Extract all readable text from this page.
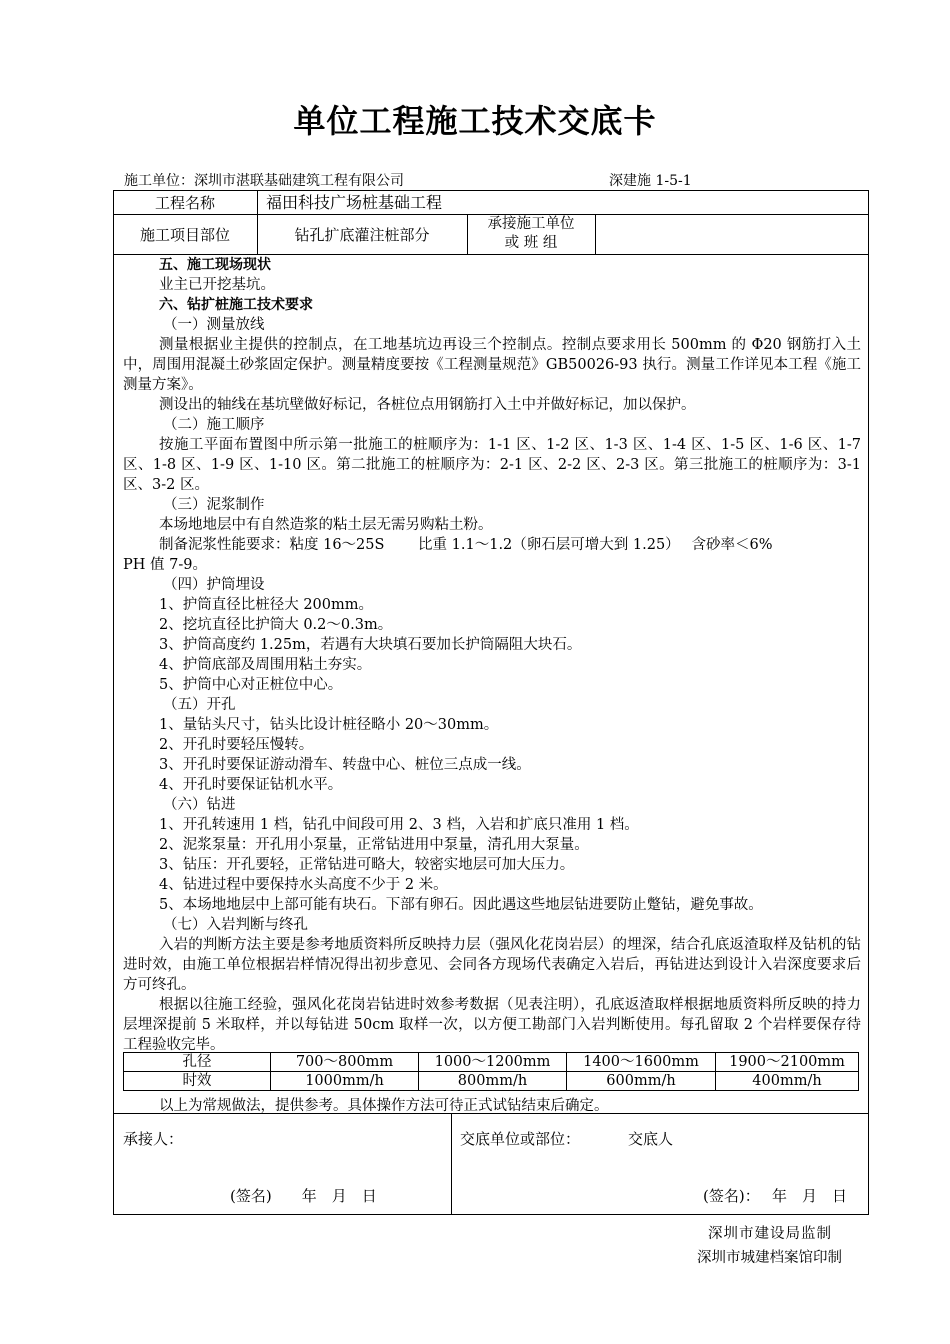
单位工程施工技术交底卡
施工单位：深圳市湛联基础建筑工程有限公司	深建施 1-5-1
工程名称	福田科技广场桩基础工程
施工项目部位	钻孔扩底灌注桩部分
承接施工单位
或 班 组

五、施工现场现状

业主已开挖基坑。

六、钻扩桩施工技术要求

（一）测量放线

测量根据业主提供的控制点，在工地基坑边再设三个控制点。控制点要求用长 500mm 的 Φ20 钢筋打入土中，周围用混凝土砂浆固定保护。测量精度要按《工程测量规范》GB50026-93 执行。测量工作详见本工程《施工测量方案》。

测设出的轴线在基坑壁做好标记，各桩位点用钢筋打入土中并做好标记，加以保护。

（二）施工顺序

按施工平面布置图中所示第一批施工的桩顺序为：1-1 区、1-2 区、1-3 区、1-4 区、1-5 区、1-6 区、1-7 区、1-8 区、1-9 区、1-10 区。第二批施工的桩顺序为：2-1 区、2-2 区、2-3 区。第三批施工的桩顺序为：3-1 区、3-2 区。

（三）泥浆制作

本场地地层中有自然造浆的粘土层无需另购粘土粉。

制备泥浆性能要求：粘度 16～25S　　 比重 1.1～1.2（卵石层可增大到 1.25）　 含砂率＜6%

PH 值 7-9。

（四）护筒埋设

1、护筒直径比桩径大 200mm。

2、挖坑直径比护筒大 0.2～0.3m。

3、护筒高度约 1.25m，若遇有大块填石要加长护筒隔阻大块石。

4、护筒底部及周围用粘土夯实。

5、护筒中心对正桩位中心。

（五）开孔

1、量钻头尺寸，钻头比设计桩径略小 20～30mm。

2、开孔时要轻压慢转。

3、开孔时要保证游动滑车、转盘中心、桩位三点成一线。

4、开孔时要保证钻机水平。

（六）钻进

1、开孔转速用 1 档，钻孔中间段可用 2、3 档，入岩和扩底只准用 1 档。

2、泥浆泵量：开孔用小泵量，正常钻进用中泵量，清孔用大泵量。

3、钻压：开孔要轻，正常钻进可略大，较密实地层可加大压力。

4、钻进过程中要保持水头高度不少于 2 米。

5、本场地地层中上部可能有块石。下部有卵石。因此遇这些地层钻进要防止蹩钻，避免事故。

（七）入岩判断与终孔

入岩的判断方法主要是参考地质资料所反映持力层（强风化花岗岩层）的埋深，结合孔底返渣取样及钻机的钻进时效，由施工单位根据岩样情况得出初步意见、会同各方现场代表确定入岩后，再钻进达到设计入岩深度要求后方可终孔。

根据以往施工经验，强风化花岗岩钻进时效参考数据（见表注明），孔底返渣取样根据地质资料所反映的持力层埋深提前 5 米取样，并以每钻进 50cm 取样一次，以方便工勘部门入岩判断使用。每孔留取 2 个岩样要保存待工程验收完毕。

孔径	700～800mm	1000～1200mm	1400～1600mm	1900～2100mm
时效	1000mm/h	800mm/h	600mm/h	400mm/h
以上为常规做法，提供参考。具体操作方法可待正式试钻结束后确定。
承接人：
(签名)　　年　月　日
交底单位或部位：	交底人
(签名)：　 年　月　日
深圳市建设局监制
深圳市城建档案馆印制
